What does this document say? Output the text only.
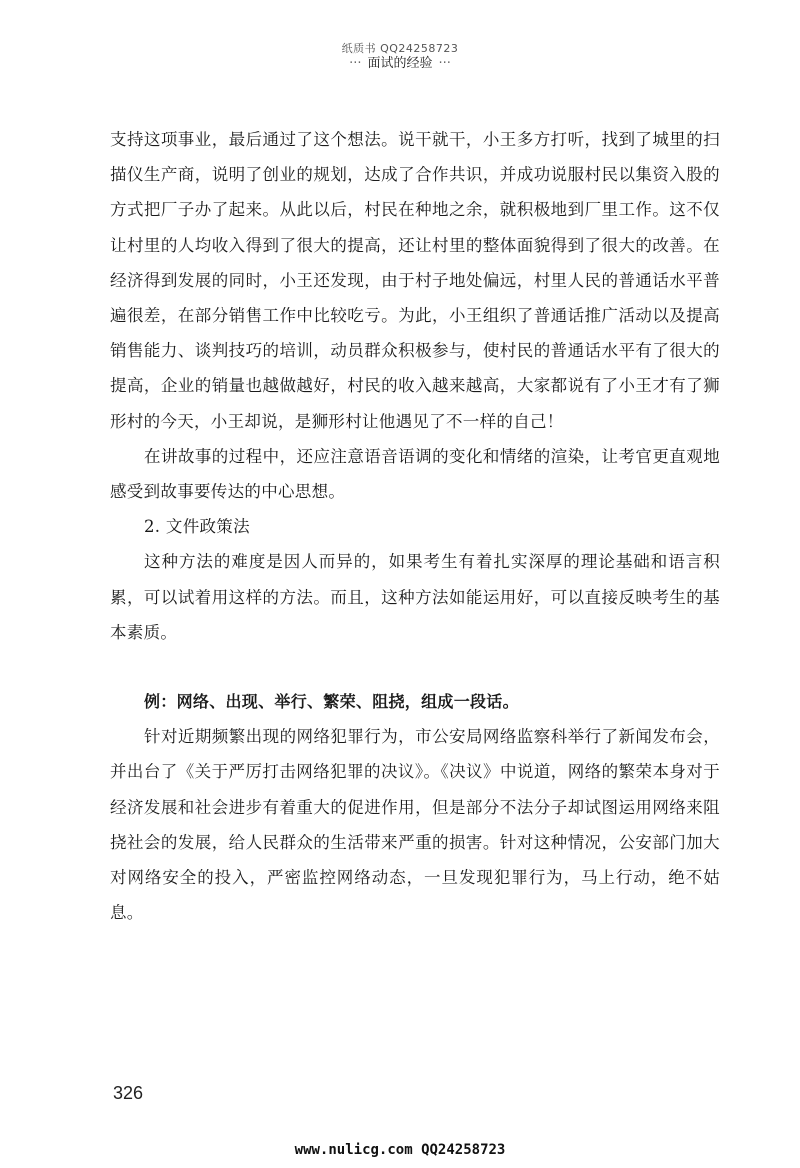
纸质书 QQ24258723
··· 面试的经验 ···

支持这项事业，最后通过了这个想法。说干就干，小王多方打听，找到了城里的扫描仪生产商，说明了创业的规划，达成了合作共识，并成功说服村民以集资入股的方式把厂子办了起来。从此以后，村民在种地之余，就积极地到厂里工作。这不仅让村里的人均收入得到了很大的提高，还让村里的整体面貌得到了很大的改善。在经济得到发展的同时，小王还发现，由于村子地处偏远，村里人民的普通话水平普遍很差，在部分销售工作中比较吃亏。为此，小王组织了普通话推广活动以及提高销售能力、谈判技巧的培训，动员群众积极参与，使村民的普通话水平有了很大的提高，企业的销量也越做越好，村民的收入越来越高，大家都说有了小王才有了狮形村的今天，小王却说，是狮形村让他遇见了不一样的自己！

在讲故事的过程中，还应注意语音语调的变化和情绪的渲染，让考官更直观地感受到故事要传达的中心思想。

2. 文件政策法

这种方法的难度是因人而异的，如果考生有着扎实深厚的理论基础和语言积累，可以试着用这样的方法。而且，这种方法如能运用好，可以直接反映考生的基本素质。

例：网络、出现、举行、繁荣、阻挠，组成一段话。

针对近期频繁出现的网络犯罪行为，市公安局网络监察科举行了新闻发布会，并出台了《关于严厉打击网络犯罪的决议》。《决议》中说道，网络的繁荣本身对于经济发展和社会进步有着重大的促进作用，但是部分不法分子却试图运用网络来阻挠社会的发展，给人民群众的生活带来严重的损害。针对这种情况，公安部门加大对网络安全的投入，严密监控网络动态，一旦发现犯罪行为，马上行动，绝不姑息。

326
www.nulicg.com QQ24258723
